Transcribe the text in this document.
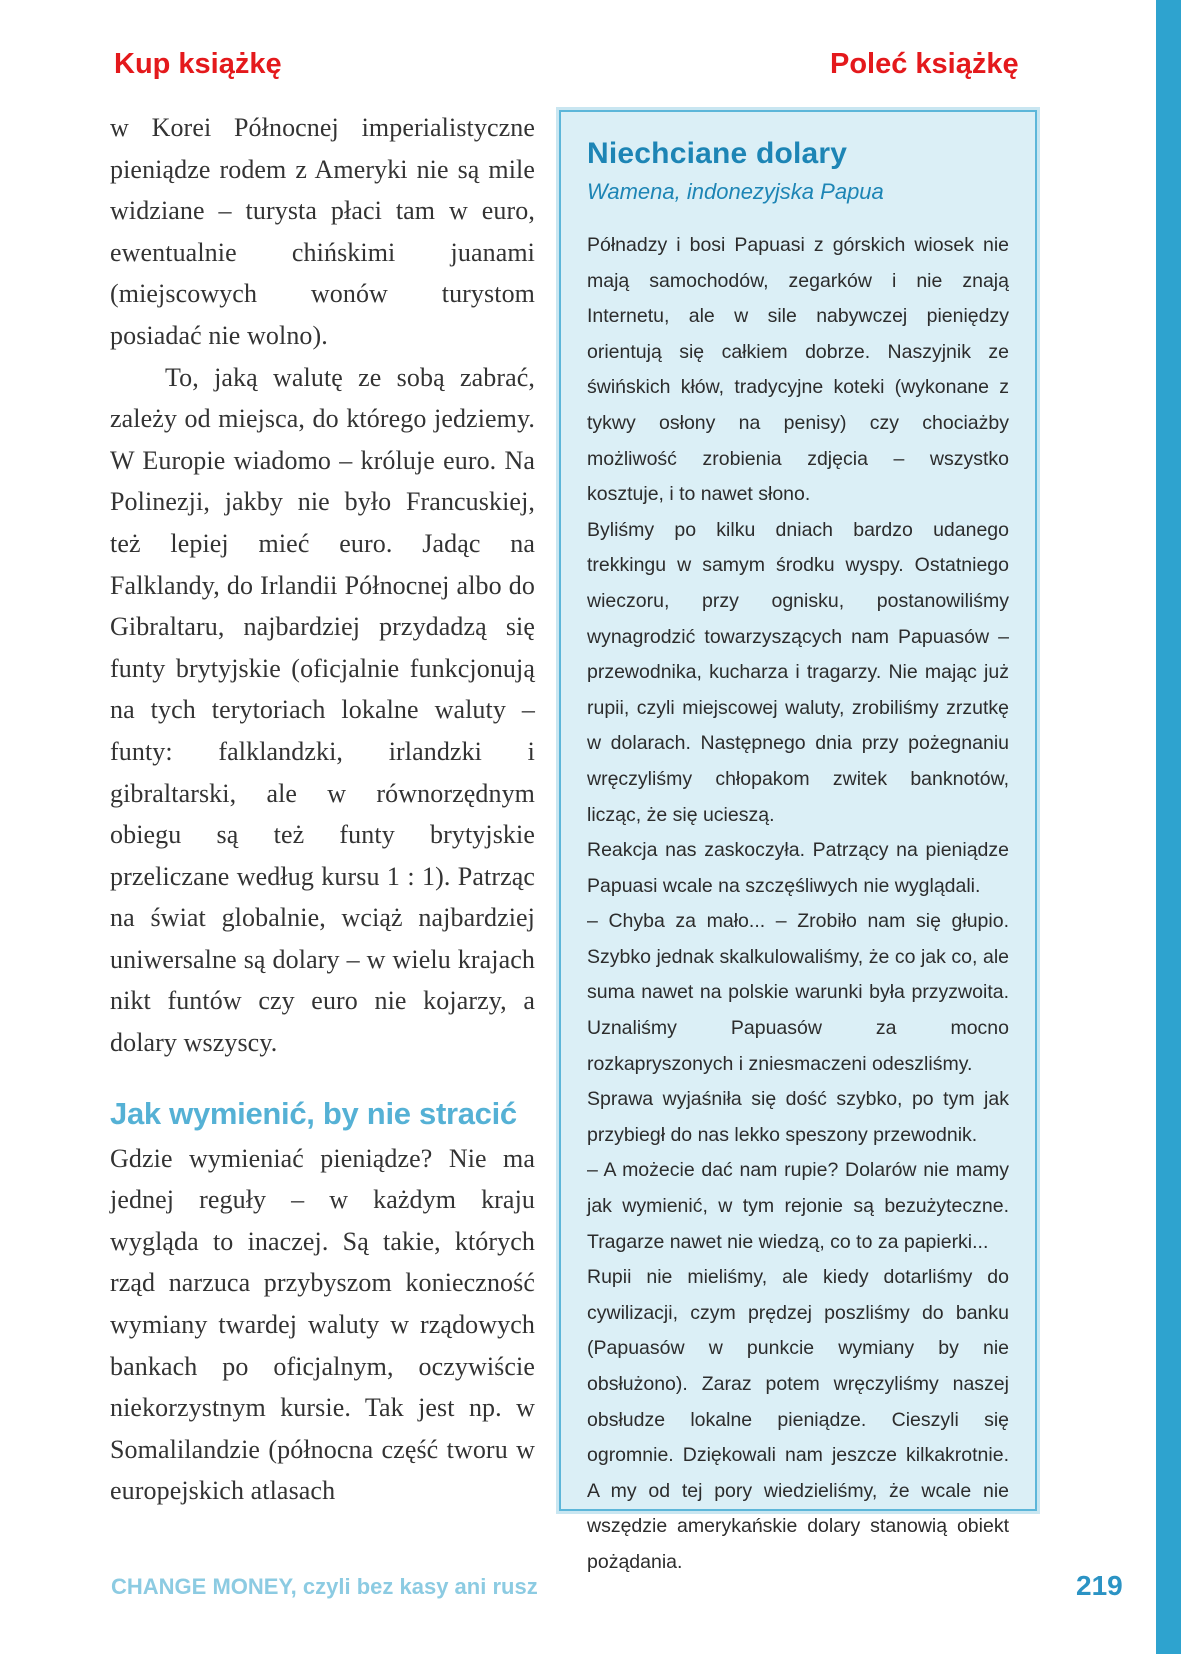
Kup książkę	Poleć książkę

w Korei Północnej imperialistyczne pieniądze rodem z Ameryki nie są mile widziane – turysta płaci tam w euro, ewentualnie chińskimi juanami (miejscowych wonów turystom posiadać nie wolno).

To, jaką walutę ze sobą zabrać, zależy od miejsca, do którego jedziemy. W Europie wiadomo – króluje euro. Na Polinezji, jakby nie było Francuskiej, też lepiej mieć euro. Jadąc na Falklandy, do Irlandii Północnej albo do Gibraltaru, najbardziej przydadzą się funty brytyjskie (oficjalnie funkcjonują na tych terytoriach lokalne waluty – funty: falklandzki, irlandzki i gibraltarski, ale w równorzędnym obiegu są też funty brytyjskie przeliczane według kursu 1 : 1). Patrząc na świat globalnie, wciąż najbardziej uniwersalne są dolary – w wielu krajach nikt funtów czy euro nie kojarzy, a dolary wszyscy.

Jak wymienić, by nie stracić

Gdzie wymieniać pieniądze? Nie ma jednej reguły – w każdym kraju wygląda to inaczej. Są takie, których rząd narzuca przybyszom konieczność wymiany twardej waluty w rządowych bankach po oficjalnym, oczywiście niekorzystnym kursie. Tak jest np. w Somalilandzie (północna część tworu w europejskich atlasach

Niechciane dolary

Wamena, indonezyjska Papua

Półnadzy i bosi Papuasi z górskich wiosek nie mają samochodów, zegarków i nie znają Internetu, ale w sile nabywczej pieniędzy orientują się całkiem dobrze. Naszyjnik ze świńskich kłów, tradycyjne koteki (wykonane z tykwy osłony na penisy) czy chociażby możliwość zrobienia zdjęcia – wszystko kosztuje, i to nawet słono.

Byliśmy po kilku dniach bardzo udanego trekkingu w samym środku wyspy. Ostatniego wieczoru, przy ognisku, postanowiliśmy wynagrodzić towarzyszących nam Papuasów – przewodnika, kucharza i tragarzy. Nie mając już rupii, czyli miejscowej waluty, zrobiliśmy zrzutkę w dolarach. Następnego dnia przy pożegnaniu wręczyliśmy chłopakom zwitek banknotów, licząc, że się ucieszą.

Reakcja nas zaskoczyła. Patrzący na pieniądze Papuasi wcale na szczęśliwych nie wyglądali.

– Chyba za mało... – Zrobiło nam się głupio. Szybko jednak skalkulowaliśmy, że co jak co, ale suma nawet na polskie warunki była przyzwoita. Uznaliśmy Papuasów za mocno rozkapryszonych i zniesmaczeni odeszliśmy.

Sprawa wyjaśniła się dość szybko, po tym jak przybiegł do nas lekko speszony przewodnik.

– A możecie dać nam rupie? Dolarów nie mamy jak wymienić, w tym rejonie są bezużyteczne. Tragarze nawet nie wiedzą, co to za papierki...

Rupii nie mieliśmy, ale kiedy dotarliśmy do cywilizacji, czym prędzej poszliśmy do banku (Papuasów w punkcie wymiany by nie obsłużono). Zaraz potem wręczyliśmy naszej obsłudze lokalne pieniądze. Cieszyli się ogromnie. Dziękowali nam jeszcze kilkakrotnie. A my od tej pory wiedzieliśmy, że wcale nie wszędzie amerykańskie dolary stanowią obiekt pożądania.

CHANGE MONEY, czyli bez kasy ani rusz	219
